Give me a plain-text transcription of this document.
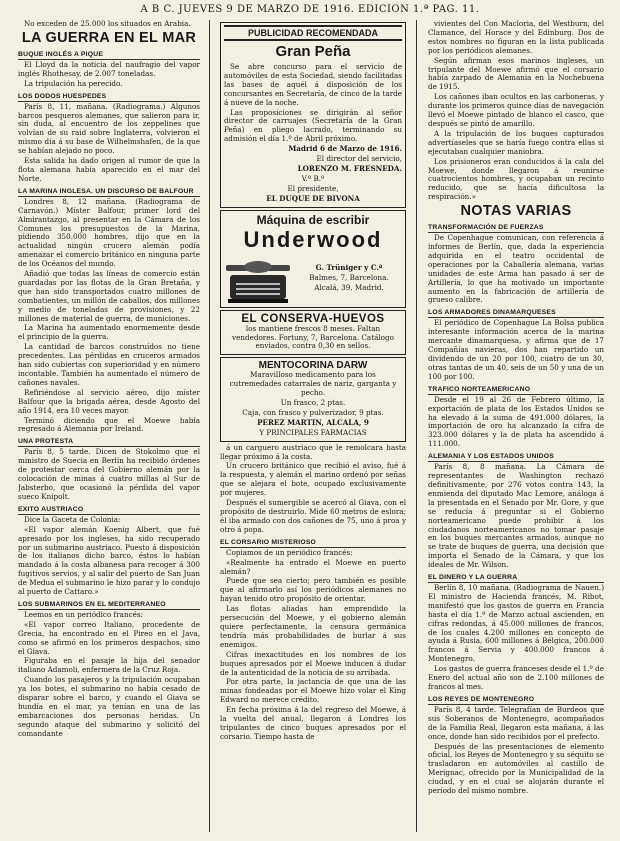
A B C. JUEVES 9 DE MARZO DE 1916. EDICION 1.ª PAG. 11.

No exceden de 25.000 los situados en Arabia.

LA GUERRA EN EL MAR
BUQUE INGLÉS A PIQUE

El Lloyd da la noticia del naufragio del vapor inglés Rhothesay, de 2.007 toneladas.

La tripulación ha perecido.

LOS DODOS HUESPEDES

París 8, 11, mañana. (Radiograma.) Algunos barcos pesqueros alemanes, que salieron para ir, sin duda, al encuentro de los zeppelines que volvían de su raid sobre Inglaterra, volvieron el mismo día á su base de Wilhelmshafen, de la que se habían alejado no poco.

Esta salida ha dado origen al rumor de que la flota alemana había aparecido en el mar del Norte.

LA MARINA INGLESA. UN DISCURSO DE BALFOUR

Londres 8, 12 mañana. (Radiograma de Carnavón.) Míster Balfour, primer lord del Almirantazgo, al presentar en la Cámara de los Comunes los presupuestos de la Marina, pidiendo 350.000 hombres, dijo que en la actualidad ningún crucero alemán podía amenazar el comercio británico en ninguna parte de los Océanos del mundo.

Añadió que todas las líneas de comercio están guardadas por las flotas de la Gran Bretaña, y que han sido transportados cuatro millones de combatientes, un millón de caballos, dos millones y medio de toneladas de provisiones, y 22 millones de material de guerra, de municiones.

La Marina ha aumentado enormemente desde el principio de la guerra.

La cantidad de barcos construídos no tiene precedentes. Las pérdidas en cruceros armados han sido cubiertas con superioridad y en número incontable. También ha aumentado el número de cañones navales.

Refiriéndose al servicio aéreo, dijo míster Balfour que la brigada aérea, desde Agosto del año 1914, era 10 veces mayor.

Terminó diciendo que el Moewe había regresado á Alemania por Ireland.

UNA PROTESTA

París 8, 5 tarde. Dicen de Stokolmo que el ministro de Suecia en Berlín ha recibido órdenes de protestar cerca del Gobierno alemán por la colocación de minas á cuatro millas al Sur de Jabsterbo, que ocasionó la pérdida del vapor sueco Knipolt.

EXITO AUSTRIACO

Dice la Gaceta de Colonia:

«El vapor alemán Koenig Albert, que fué apresado por los ingleses, ha sido recuperado por un submarino austriaco. Puesto á disposición de los italianos dicho barco, éstos lo habían mandado á la costa albanesa para recoger á 300 fugitivos servios, y al salir del puerto de San Juan de Medua el submarino le hizo parar y lo condujo al puerto de Cattaro.»

LOS SUBMARINOS EN EL MEDITERRANEO

Leemos en un periódico francés:

«El vapor correo Italiano, procedente de Grecia, ha encontrado en el Pireo en el Java, como se afirmó en los primeros despachos, sino el Giava.

Figuraba en el pasaje la hija del senador italiano Adamoli, enfermera de la Cruz Roja.

Cuando los pasajeros y la tripulación ocupaban ya los botes, el submarino no había cesado de disparar sobre el barco, y cuando el Giava se hundía en el mar, ya tenían en una de las embarcaciones dos personas heridas. Un segundo ataque del submarino y solicitó del comandante

PUBLICIDAD RECOMENDADA
Gran Peña

Se abre concurso para el servicio de automóviles de esta Sociedad, siendo facilitadas las bases de aquél á disposición de los concursantes en Secretaría, de cinco de la tarde á nueve de la noche.

Las proposiciones se dirigirán al señor director de carruajes (Secretaría de la Gran Peña) en pliego lacrado, terminando su admisión el día 1.º de Abril próximo.

Madrid 6 de Marzo de 1916.

El director del servicio,

LORENZO M. FRESNEDA.

V.º B.º

El presidente,

EL DUQUE DE BIVONA

Máquina de escribir
Underwood

G. Trüniger y C.ª

Balmes, 7, Barcelona.

Alcalá, 39, Madrid.

EL CONSERVA-HUEVOS

los mantiene frescos 8 meses. Faltan vendedores. Fortuny, 7, Barcelona. Catálogo enviados, contra 0,30 en sellos.

MENTOCORINA DARW

Maravilloso medicamento para los cutremedades catarrales de nariz, garganta y pecho.

Un frasco, 2 ptas.

Caja, con frasco y pulverizador, 9 ptas.

PEREZ MARTIN, ALCALA, 9

Y PRINCIPALES FARMACIAS

á un carguero austriaco que le remolcara hasta llegar próximo á la costa.

Un crucero británico que recibió el aviso, fué á la respuesta, y alemán el marino ordenó por señas que se alejara el bote, ocupado exclusivamente por mujeres.

Después el sumergible se acercó al Giava, con el propósito de destruirlo. Mide 60 metros de eslora; él iba armado con dos cañones de 75, uno á proa y otro á popa.

EL CORSARIO MISTERIOSO

Copiamos de un periódico francés:

«Realmente ha entrado el Moewe en puerto alemán?

Puede que sea cierto; pero también es posible que al afirmarlo así los periódicos alemanes no hayan tenido otro propósito de orientar.

Las flotas aliadas han emprendido la persecución del Moewe, y el gobierno alemán quiere perfectamente, la censura germánica tendría más probabilidades de burlar á sus enemigos.

Cifras inexactitudes en los nombres de los buques apresados por el Moewe inducen á dudar de la autenticidad de la noticia de su arribada.

Por otra parte, la jactancia de que una de las minas fondeadas por el Moewe hizo volar el King Edward no merece crédito.

En fecha próxima á la del regreso del Moewe, á la vuelta del anual, llegaron á Londres los tripulantes de cinco buques apresados por el corsario. Tiempo hasta de

vivientes del Con Macloria, del Westburn, del Clamance, del Horace y del Edinburg. Dos de estos nombres no figuran en la lista publicada por los periódicos alemanes.

Según afirman esos marinos ingleses, un tripulante del Moewe afirmó que el corsario había zarpado de Alemania en la Nochebuena de 1915.

Los cañones iban ocultos en las carboneras, y durante los primeros quince días de navegación llevó el Moewe pintado de blanco el casco, que después se pintó de amarillo.

A la tripulación de los buques capturados advertíaseles que se haría fuego contra ellas si ejecutaban cualquier maniobra.

Los prisioneros eran conducidos á la cala del Moewe, donde llegaron á reunirse cuatrocientos hombres, y ocupaban un recinto reducido, que se hacía dificultosa la respiración.»

NOTAS VARIAS
TRANSFORMACIÓN DE FUERZAS

De Copenhague comunican, con referencia á informes de Berlín, que, dada la experiencia adquirida en el teatro occidental de operaciones por la Caballería alemana, varias unidades de este Arma han pasado á ser de Artillería, lo que ha motivado un importante aumento en la fabricación de artillería de grueso calibre.

LOS ARMADORES DINAMARQUESES

El periódico de Copenhague La Bolsa publica interesante información acerca de la marina mercante dinamarquesa, y afirma que de 17 Compañías navieras, dos han repartido un dividendo de un 20 por 100, cuatro de un 30, otras tantas de un 40, seis de un 50 y una de un 100 por 100.

TRAFICO NORTEAMERICANO

Desde el 19 al 26 de Febrero último, la exportación de plata de los Estados Unidos se ha elevado á la suma de 491.000 dólares, la importación de oro ha alcanzado la cifra de 323.000 dólares y la de plata ha ascendido á 111.000.

ALEMANIA Y LOS ESTADOS UNIDOS

París 8, 8 mañana. La Cámara de representantes de Washington rechazó definitivamente, por 276 votos contra 143, la enmienda del diputado Mac Lemore, análoga á la presentada en el Senado por Mr. Gore, y que se reducía á preguntar si el Gobierno norteamericano puede prohibir á los ciudadanos norteamericanos no tomar pasaje en los buques mercantes armados, aunque no se trate de buques de guerra, una decisión que importa el Senado de la Cámara, y que los ideales de Mr. Wilson.

EL DINERO Y LA GUERRA

Berlín 8, 10 mañana. (Radiograma de Nauen.) El ministro de Hacienda francés, M. Ribot, manifestó que los gastos de guerra en Francia hasta el día 1.º de Marzo actual ascienden, en cifras redondas, á 45.000 millones de francos, de los cuales 4.200 millones en concepto de ayuda á Rusia, 600 millones á Bélgica, 200.000 francos á Servia y 400.000 francos á Montenegro.

Los gastos de guerra franceses desde el 1.º de Enero del actual año son de 2.100 millones de francos al mes.

LOS REYES DE MONTENEGRO

París 8, 4 tarde. Telegrafían de Burdeos que sus Soberanos de Montenegro, acompañados de la Familia Real, llegaron esta mañana, á las once, donde han sido recibidos por el prefecto.

Después de las presentaciones de elemento oficial, los Reyes de Montenegro y su séquito se trasladaron en automóviles al castillo de Merignac, ofrecido por la Municipalidad de la ciudad, y en el cual se alojarán durante el período del mismo nombre.
